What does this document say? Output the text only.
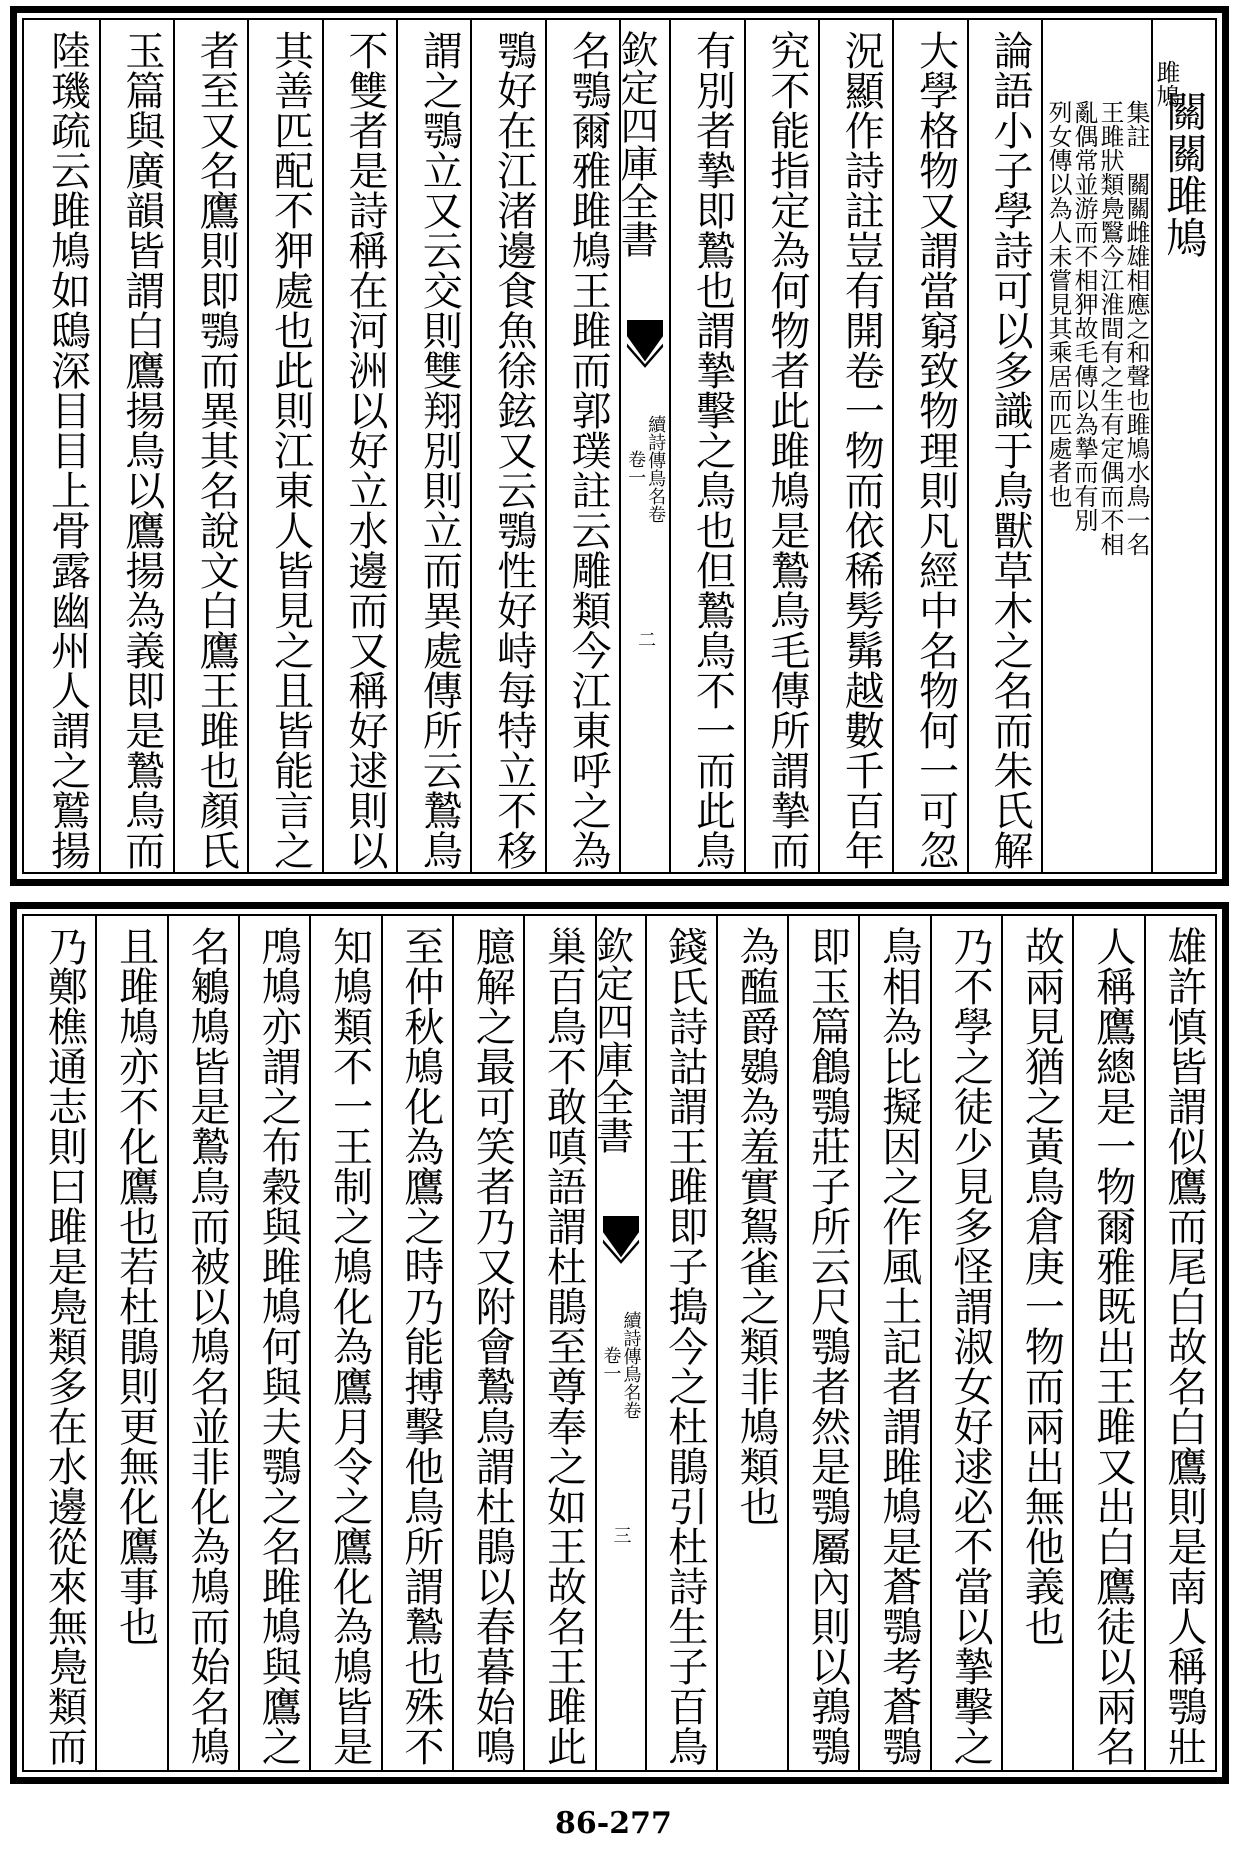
雎鳩
關關雎鳩
集註　關關雌雄相應之和聲也雎鳩水鳥一名
王雎狀類鳧鷖今江淮間有之生有定偶而不相
亂偶常並游而不相狎故毛傳以為摯而有別
列女傳以為人未嘗見其乘居而匹處者也
論語小子學詩可以多識于鳥獸草木之名而朱氏解
大學格物又謂當窮致物理則凡經中名物何一可忽
況顯作詩註豈有開卷一物而依稀髣髴越數千百年
究不能指定為何物者此雎鳩是鷙鳥毛傳所謂摯而
有別者摯即鷙也謂摯擊之鳥也但鷙鳥不一而此鳥
欽定四庫全書
續詩傳鳥名卷
卷一
二
名鶚爾雅雎鳩王雎而郭璞註云雕類今江東呼之為
鶚好在江渚邊食魚徐鉉又云鶚性好峙每特立不移
謂之鶚立又云交則雙翔別則立而異處傳所云鷙鳥
不雙者是詩稱在河洲以好立水邊而又稱好逑則以
其善匹配不狎處也此則江東人皆見之且皆能言之
者至又名鷹則即鶚而異其名說文白鷹王雎也顏氏
玉篇與廣韻皆謂白鷹揚鳥以鷹揚為義即是鷙鳥而
陸璣疏云雎鳩如鴟深目目上骨露幽州人謂之鷲揚
雄許慎皆謂似鷹而尾白故名白鷹則是南人稱鶚壯
人稱鷹總是一物爾雅既出王雎又出白鷹徒以兩名
故兩見猶之黃鳥倉庚一物而兩出無他義也
乃不學之徒少見多怪謂淑女好逑必不當以摯擊之
鳥相為比擬因之作風土記者謂雎鳩是蒼鶚考蒼鶚
即玉篇鶬鶚莊子所云尺鶚者然是鶚屬內則以鶉鶚
為醢爵鷃為羞實鴽雀之類非鳩類也
錢氏詩詁謂王雎即子搗今之杜鵑引杜詩生子百鳥
欽定四庫全書
續詩傳鳥名卷
卷一
三
巢百鳥不敢嗔語謂杜鵑至尊奉之如王故名王雎此
臆解之最可笑者乃又附會鷙鳥謂杜鵑以春暮始鳴
至仲秋鳩化為鷹之時乃能搏擊他鳥所謂鷙也殊不
知鳩類不一王制之鳩化為鷹月令之鷹化為鳩皆是
鳲鳩亦謂之布穀與雎鳩何與夫鶚之名雎鳩與鷹之
名鵴鳩皆是鷙鳥而被以鳩名並非化為鳩而始名鳩
且雎鳩亦不化鷹也若杜鵑則更無化鷹事也
乃鄭樵通志則曰雎是鳧類多在水邊從來無鳧類而
86-277
